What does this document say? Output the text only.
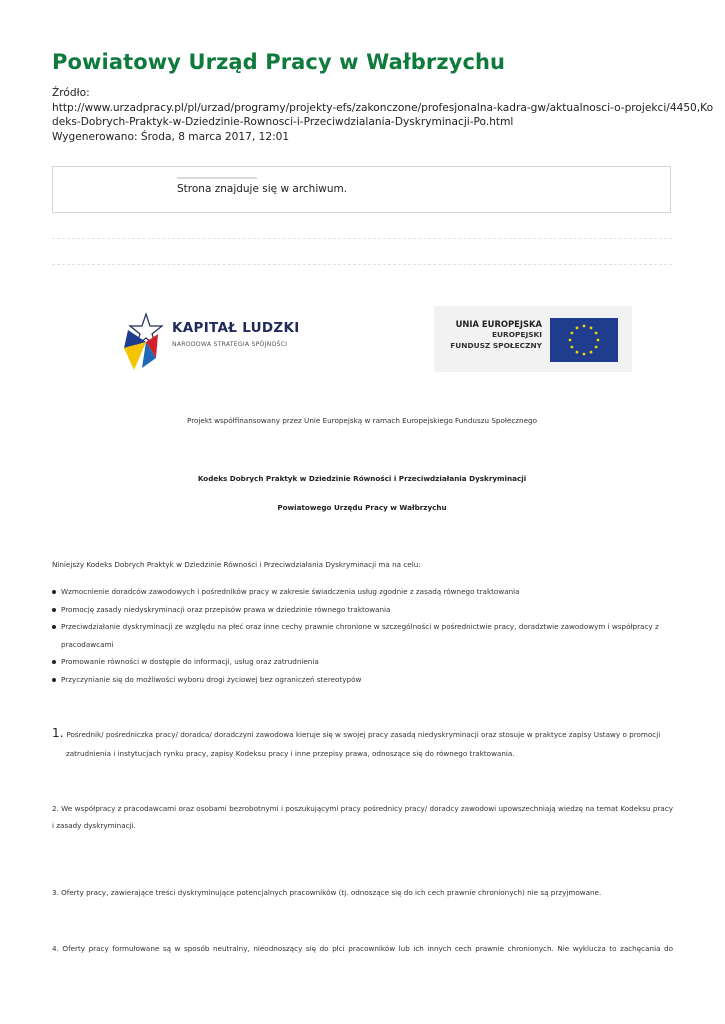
Powiatowy Urząd Pracy w Wałbrzychu
Źródło:
http://www.urzadpracy.pl/pl/urzad/programy/projekty-efs/zakonczone/profesjonalna-kadra-gw/aktualnosci-o-projekci/4450,Ko
deks-Dobrych-Praktyk-w-Dziedzinie-Rownosci-i-Przeciwdzialania-Dyskryminacji-Po.html
Wygenerowano: Środa, 8 marca 2017, 12:01
Strona znajduje się w archiwum.
KAPITAŁ LUDZKI
NARODOWA STRATEGIA SPÓJNOŚCI
UNIA EUROPEJSKA
EUROPEJSKI
FUNDUSZ SPOŁECZNY
Projekt współfinansowany przez Unie Europejską w ramach Europejskiego Funduszu Społecznego
Kodeks Dobrych Praktyk w Dziedzinie Równości i Przeciwdziałania Dyskryminacji
Powiatowego Urzędu Pracy w Wałbrzychu
Niniejszy Kodeks Dobrych Praktyk w Dziedzinie Równości i Przeciwdziałania Dyskryminacji ma na celu:
Wzmocnienie doradców zawodowych i pośredników pracy w zakresie świadczenia usług zgodnie z zasadą równego traktowania
Promocję zasady niedyskryminacji oraz przepisów prawa w dziedzinie równego traktowania
Przeciwdziałanie dyskryminacji ze względu na płeć oraz inne cechy prawnie chronione w szczególności w pośrednictwie pracy, doradztwie zawodowym i współpracy z pracodawcami
Promowanie równości w dostępie do informacji, usług oraz zatrudnienia
Przyczynianie się do możliwości wyboru drogi życiowej bez ograniczeń stereotypów
1. Pośrednik/ pośredniczka pracy/ doradca/ doradczyni zawodowa kieruje się w swojej pracy zasadą niedyskryminacji oraz stosuje w praktyce zapisy Ustawy o promocji
zatrudnienia i instytucjach rynku pracy, zapisy Kodeksu pracy i inne przepisy prawa, odnoszące się do równego traktowania.
2. We współpracy z pracodawcami oraz osobami bezrobotnymi i poszukującymi pracy pośrednicy pracy/ doradcy zawodowi upowszechniają wiedzę na temat Kodeksu pracy i zasady dyskryminacji.
3. Oferty pracy, zawierające treści dyskryminujące potencjalnych pracowników (tj. odnoszące się do ich cech prawnie chronionych) nie są przyjmowane.
4. Oferty pracy formułowane są w sposób neutralny, nieodnoszący się do płci pracowników lub ich innych cech prawnie chronionych. Nie wyklucza to zachęcania do
